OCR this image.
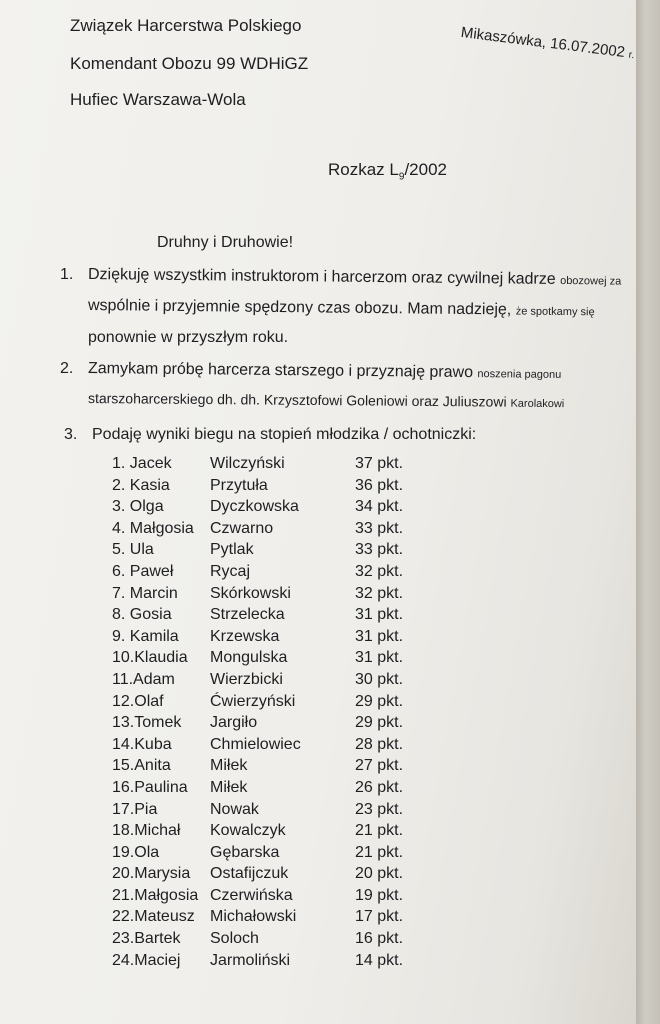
Związek Harcerstwa Polskiego
Komendant Obozu 99 WDHiGZ
Hufiec Warszawa-Wola
Mikaszówka, 16.07.2002 r.
Rozkaz $L_9/2002$
Druhny i Druhowie!
1. Dziękuję wszystkim instruktorom i harcerzom oraz cywilnej kadrze obozowej za
wspólnie i przyjemnie spędzony czas obozu. Mam nadzieję, że spotkamy się
ponownie w przyszłym roku.
2. Zamykam próbę harcerza starszego i przyznaję prawo noszenia pagonu
starszoharcerskiego dh. dh. Krzysztofowi Goleniowi oraz Juliuszowi Karolakowi
3. Podaję wyniki biegu na stopień młodzika / ochotniczki:
1. Jacek Wilczyński	37 pkt.
2. Kasia	Przytuła	36 pkt.
3. Olga	Dyczkowska	34 pkt.
4. Małgosia Czwarno	33 pkt.
5. Ula	Pytlak	33 pkt.
6. Paweł Rycaj	32 pkt.
7. Marcin Skórkowski	32 pkt.
8. Gosia Strzelecka	31 pkt.
9. Kamila Krzewska	31 pkt.
10.Klaudia Mongulska	31 pkt.
11.Adam Wierzbicki	30 pkt.
12.Olaf	Ćwierzyński	29 pkt.
13.Tomek Jargiło	29 pkt.
14.Kuba Chmielowiec	28 pkt.
15.Anita Miłek	27 pkt.
16.Paulina Miłek	26 pkt.
17.Pia	Nowak	23 pkt.
18.Michał Kowalczyk	21 pkt.
19.Ola	Gębarska	21 pkt.
20.Marysia Ostafijczuk	20 pkt.
21.Małgosia Czerwińska	19 pkt.
22.Mateusz Michałowski	17 pkt.
23.Bartek Soloch	16 pkt.
24.Maciej Jarmoliński	14 pkt.
